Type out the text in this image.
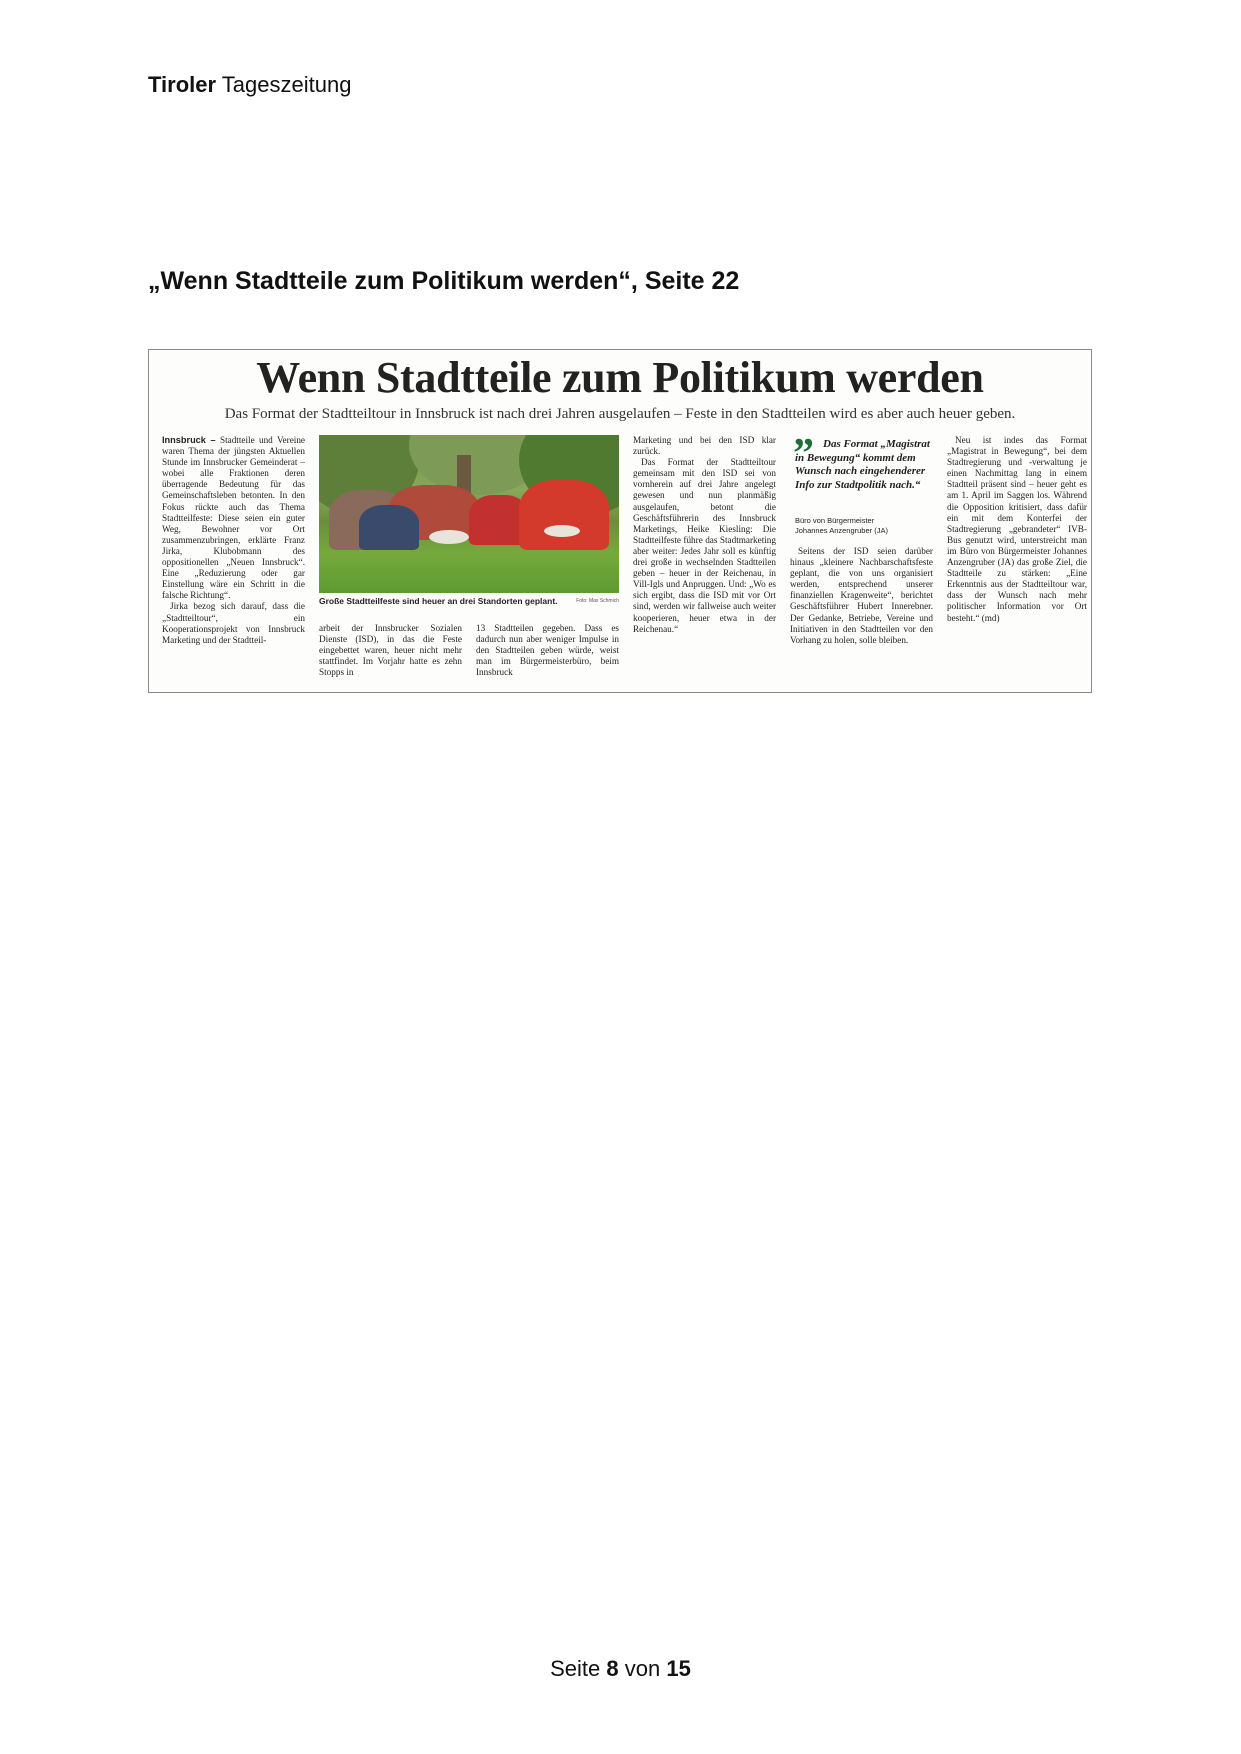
Tiroler Tageszeitung
„Wenn Stadtteile zum Politikum werden“, Seite 22
Wenn Stadtteile zum Politikum werden
Das Format der Stadtteiltour in Innsbruck ist nach drei Jahren ausgelaufen – Feste in den Stadtteilen wird es aber auch heuer geben.

Innsbruck – Stadtteile und Vereine waren Thema der jüngsten Aktuellen Stunde im Innsbrucker Gemeinderat – wobei alle Fraktionen deren überragende Bedeutung für das Gemeinschaftsleben betonten. In den Fokus rückte auch das Thema Stadtteilfeste: Diese seien ein guter Weg, Bewohner vor Ort zusammenzubringen, erklärte Franz Jirka, Klubobmann des oppositionellen „Neuen Innsbruck“. Eine „Reduzierung oder gar Einstellung wäre ein Schritt in die falsche Richtung“.

Jirka bezog sich darauf, dass die „Stadtteiltour“, ein Kooperationsprojekt von Innsbruck Marketing und der Stadtteil-

Große Stadtteilfeste sind heuer an drei Standorten geplant.	Foto: Max Schmich
arbeit der Innsbrucker Sozialen Dienste (ISD), in das die Feste eingebettet waren, heuer nicht mehr stattfindet. Im Vorjahr hatte es zehn Stopps in
13 Stadtteilen gegeben. Dass es dadurch nun aber weniger Impulse in den Stadtteilen geben würde, weist man im Bürgermeisterbüro, beim Innsbruck

Marketing und bei den ISD klar zurück.

Das Format der Stadtteiltour gemeinsam mit den ISD sei von vornherein auf drei Jahre angelegt gewesen und nun planmäßig ausgelaufen, betont die Geschäftsführerin des Innsbruck Marketings, Heike Kiesling: Die Stadtteilfeste führe das Stadtmarketing aber weiter: Jedes Jahr soll es künftig drei große in wechselnden Stadtteilen geben – heuer in der Reichenau, in Vill-Igls und Anpruggen. Und: „Wo es sich ergibt, dass die ISD mit vor Ort sind, werden wir fallweise auch weiter kooperieren, heuer etwa in der Reichenau.“

” Das Format „Magistrat in Bewegung“ kommt dem Wunsch nach eingehenderer Info zur Stadtpolitik nach.“
Büro von Bürgermeister
Johannes Anzengruber (JA)
Seitens der ISD seien darüber hinaus „kleinere Nachbarschaftsfeste geplant, die von uns organisiert werden, entsprechend unserer finanziellen Kragenweite“, berichtet Geschäftsführer Hubert Innerebner. Der Gedanke, Betriebe, Vereine und Initiativen in den Stadtteilen vor den Vorhang zu holen, solle bleiben.
Neu ist indes das Format „Magistrat in Bewegung“, bei dem Stadtregierung und -verwaltung je einen Nachmittag lang in einem Stadtteil präsent sind – heuer geht es am 1. April im Saggen los. Während die Opposition kritisiert, dass dafür ein mit dem Konterfei der Stadtregierung „gebrandeter“ IVB-Bus genutzt wird, unterstreicht man im Büro von Bürgermeister Johannes Anzengruber (JA) das große Ziel, die Stadtteile zu stärken: „Eine Erkenntnis aus der Stadtteiltour war, dass der Wunsch nach mehr politischer Information vor Ort besteht.“ (md)
Seite 8 von 15
